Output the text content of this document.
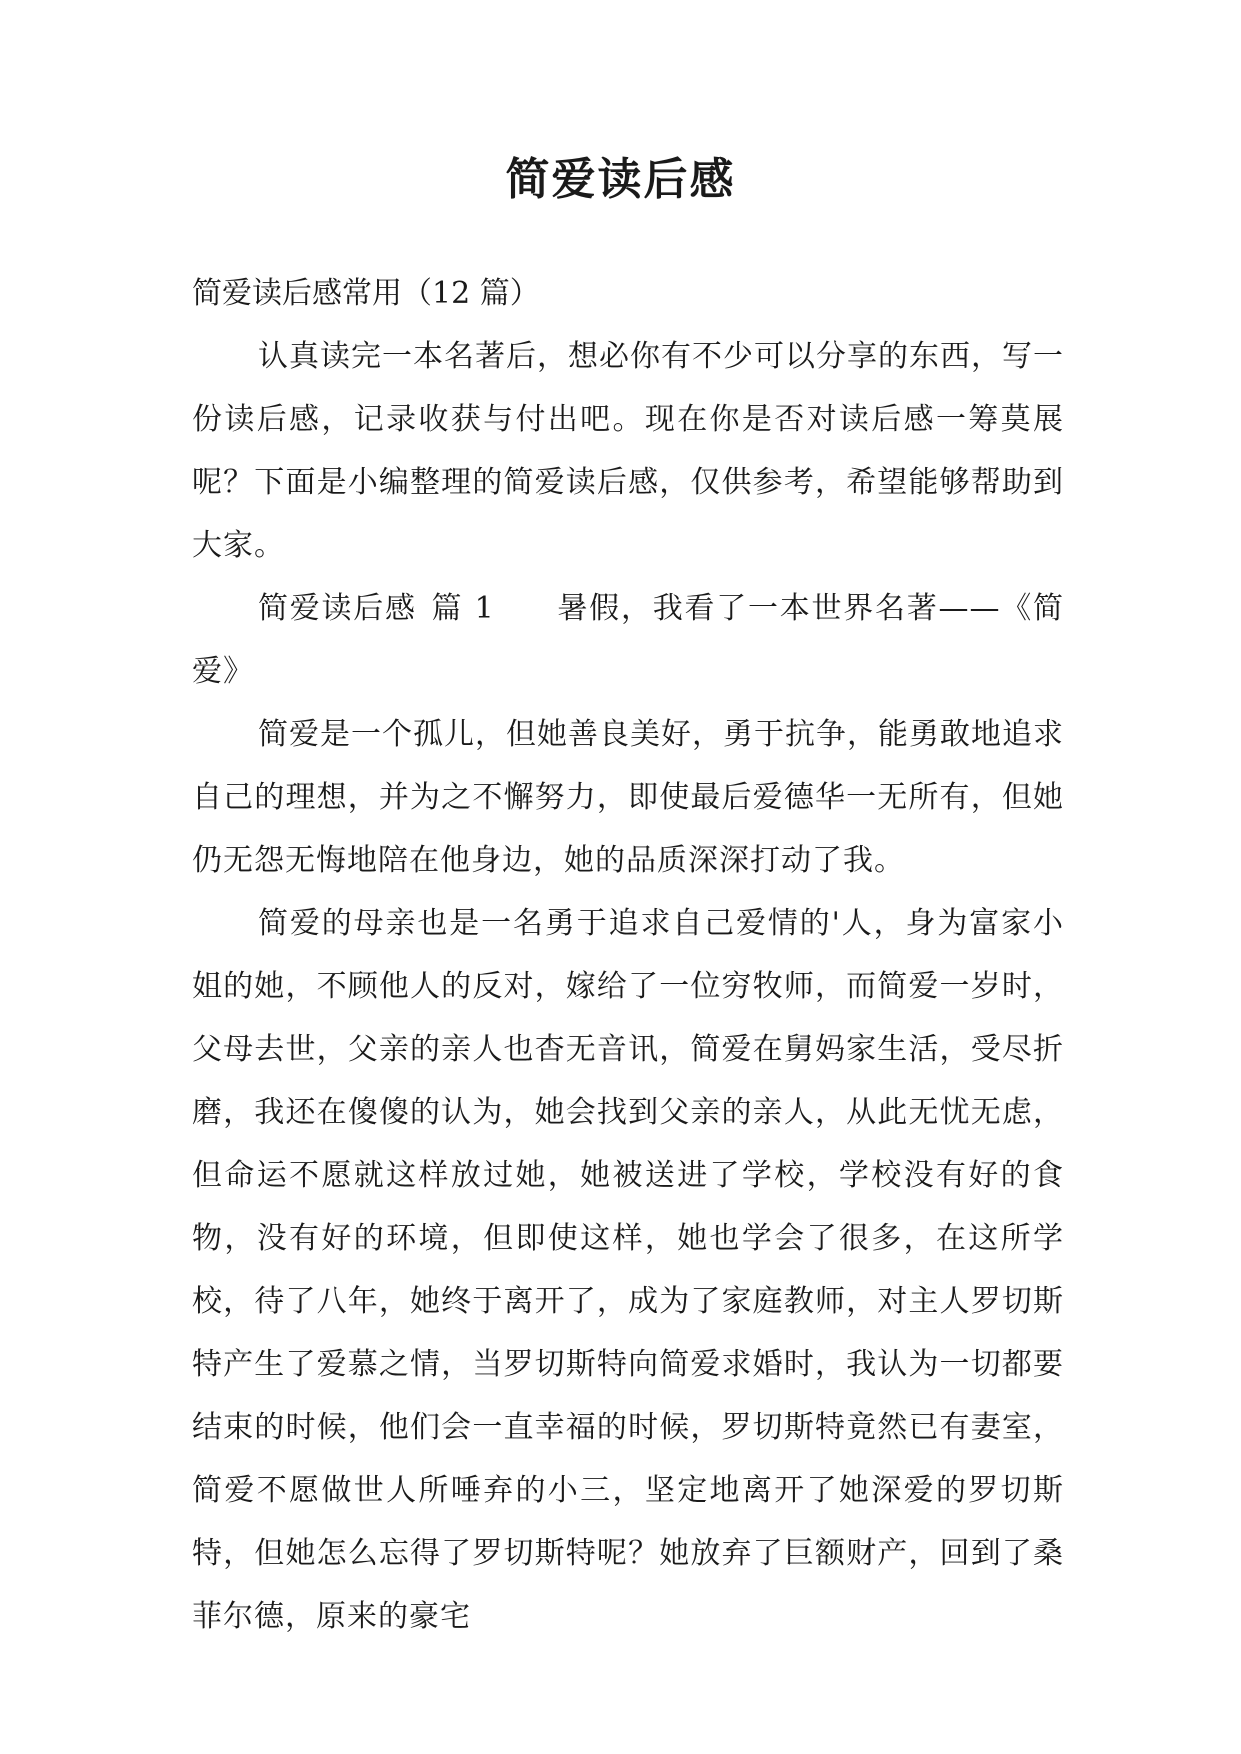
简爱读后感

简爱读后感常用（12 篇）

认真读完一本名著后，想必你有不少可以分享的东西，写一份读后感，记录收获与付出吧。现在你是否对读后感一筹莫展呢？下面是小编整理的简爱读后感，仅供参考，希望能够帮助到大家。

简爱读后感 篇 1 暑假，我看了一本世界名著——《简爱》

简爱是一个孤儿，但她善良美好，勇于抗争，能勇敢地追求自己的理想，并为之不懈努力，即使最后爱德华一无所有，但她仍无怨无悔地陪在他身边，她的品质深深打动了我。

简爱的母亲也是一名勇于追求自己爱情的'人，身为富家小姐的她，不顾他人的反对，嫁给了一位穷牧师，而简爱一岁时，父母去世，父亲的亲人也杳无音讯，简爱在舅妈家生活，受尽折磨，我还在傻傻的认为，她会找到父亲的亲人，从此无忧无虑，但命运不愿就这样放过她，她被送进了学校，学校没有好的食物，没有好的环境，但即使这样，她也学会了很多，在这所学校，待了八年，她终于离开了，成为了家庭教师，对主人罗切斯特产生了爱慕之情，当罗切斯特向简爱求婚时，我认为一切都要结束的时候，他们会一直幸福的时候，罗切斯特竟然已有妻室，简爱不愿做世人所唾弃的小三，坚定地离开了她深爱的罗切斯特，但她怎么忘得了罗切斯特呢？她放弃了巨额财产，回到了桑菲尔德，原来的豪宅
